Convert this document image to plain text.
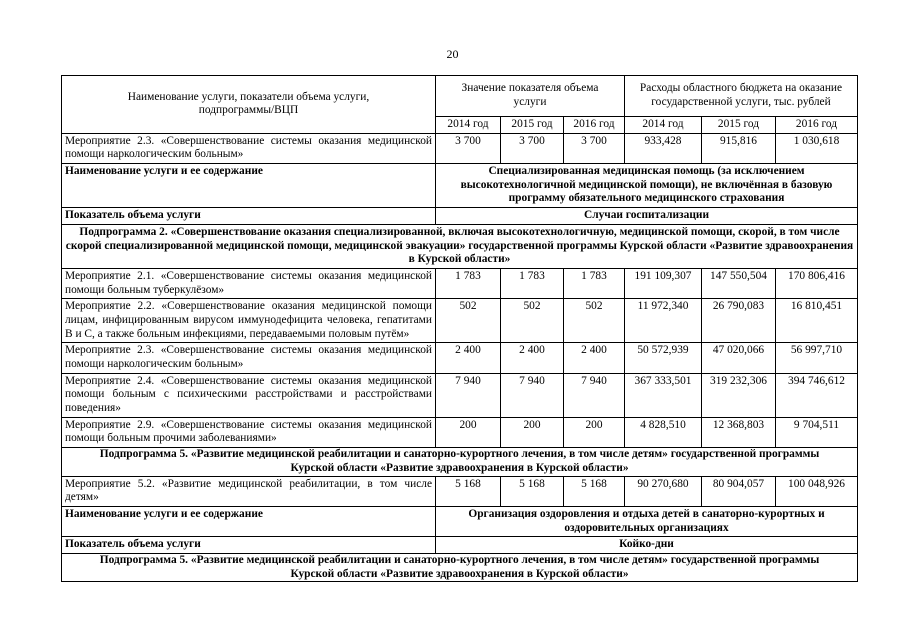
20
Наименование услуги, показатели объема услуги, подпрограммы/ВЦП	Значение показателя объема услуги			Расходы областного бюджета на оказание государственной услуги, тыс. рублей		
	2014 год	2015 год	2016 год	2014 год	2015 год	2016 год
Мероприятие 2.3. «Совершенствование системы оказания медицинской помощи наркологическим больным»	3 700	3 700	3 700	933,428	915,816	1 030,618
Наименование услуги и ее содержание	Специализированная медицинская помощь (за исключением высокотехнологичной медицинской помощи), не включённая в базовую программу обязательного медицинского страхования					
Показатель объема услуги	Случаи госпитализации					
Подпрограмма 2. «Совершенствование оказания специализированной, включая высокотехнологичную, медицинской помощи, скорой, в том числе скорой специализированной медицинской помощи, медицинской эвакуации» государственной программы Курской области «Развитие здравоохранения в Курской области»						
Мероприятие 2.1. «Совершенствование системы оказания медицинской помощи больным туберкулёзом»	1 783	1 783	1 783	191 109,307	147 550,504	170 806,416
Мероприятие 2.2. «Совершенствование оказания медицинской помощи лицам, инфицированным вирусом иммунодефицита человека, гепатитами В и С, а также больным инфекциями, передаваемыми половым путём»	502	502	502	11 972,340	26 790,083	16 810,451
Мероприятие 2.3. «Совершенствование системы оказания медицинской помощи наркологическим больным»	2 400	2 400	2 400	50 572,939	47 020,066	56 997,710
Мероприятие 2.4. «Совершенствование системы оказания медицинской помощи больным с психическими расстройствами и расстройствами поведения»	7 940	7 940	7 940	367 333,501	319 232,306	394 746,612
Мероприятие 2.9. «Совершенствование системы оказания медицинской помощи больным прочими заболеваниями»	200	200	200	4 828,510	12 368,803	9 704,511
Подпрограмма 5. «Развитие медицинской реабилитации и санаторно-курортного лечения, в том числе детям» государственной программы Курской области «Развитие здравоохранения в Курской области»						
Мероприятие 5.2. «Развитие медицинской реабилитации, в том числе детям»	5 168	5 168	5 168	90 270,680	80 904,057	100 048,926
Наименование услуги и ее содержание	Организация оздоровления и отдыха детей в санаторно-курортных и оздоровительных организациях					
Показатель объема услуги	Койко-дни					
Подпрограмма 5. «Развитие медицинской реабилитации и санаторно-курортного лечения, в том числе детям» государственной программы Курской области «Развитие здравоохранения в Курской области»						
